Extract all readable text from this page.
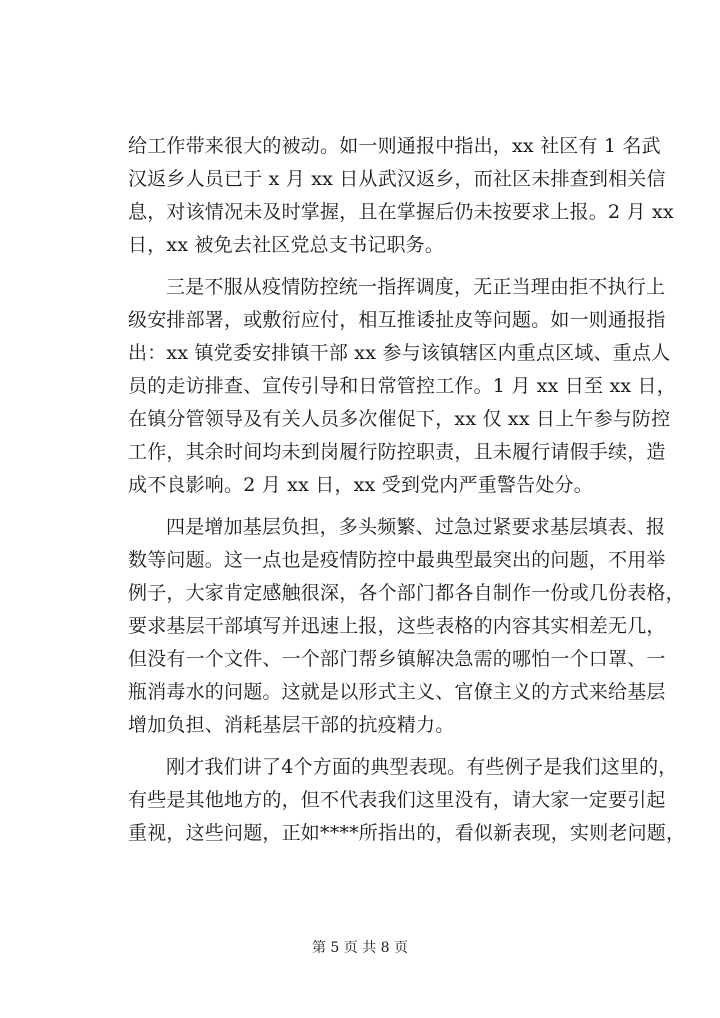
给工作带来很大的被动。如一则通报中指出，xx 社区有 1 名武
汉返乡人员已于 x 月 xx 日从武汉返乡，而社区未排查到相关信
息，对该情况未及时掌握，且在掌握后仍未按要求上报。2 月 xx
日，xx 被免去社区党总支书记职务。
三是不服从疫情防控统一指挥调度，无正当理由拒不执行上
级安排部署，或敷衍应付，相互推诿扯皮等问题。如一则通报指
出：xx 镇党委安排镇干部 xx 参与该镇辖区内重点区域、重点人
员的走访排查、宣传引导和日常管控工作。1 月 xx 日至 xx 日，
在镇分管领导及有关人员多次催促下，xx 仅 xx 日上午参与防控
工作，其余时间均未到岗履行防控职责，且未履行请假手续，造
成不良影响。2 月 xx 日，xx 受到党内严重警告处分。
四是增加基层负担，多头频繁、过急过紧要求基层填表、报
数等问题。这一点也是疫情防控中最典型最突出的问题，不用举
例子，大家肯定感触很深，各个部门都各自制作一份或几份表格，
要求基层干部填写并迅速上报，这些表格的内容其实相差无几，
但没有一个文件、一个部门帮乡镇解决急需的哪怕一个口罩、一
瓶消毒水的问题。这就是以形式主义、官僚主义的方式来给基层
增加负担、消耗基层干部的抗疫精力。
刚才我们讲了4个方面的典型表现。有些例子是我们这里的，
有些是其他地方的，但不代表我们这里没有，请大家一定要引起
重视，这些问题，正如****所指出的，看似新表现，实则老问题，
第 5 页 共 8 页
